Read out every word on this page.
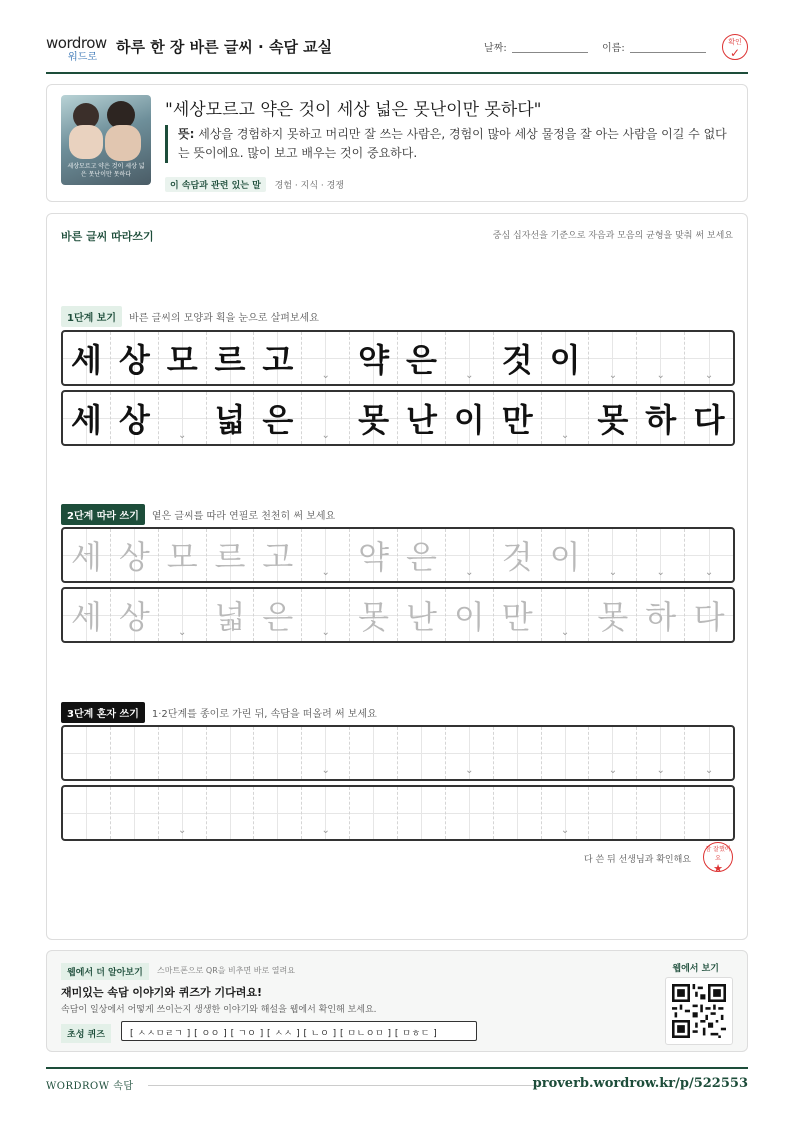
wordrow
워드로
하루 한 장 바른 글씨 · 속담 교실	날짜:	이름:
확인
✓
세상모르고 약은 것이 세상 넓은 못난이만 못하다
"세상모르고 약은 것이 세상 넓은 못난이만 못하다"
뜻: 세상을 경험하지 못하고 머리만 잘 쓰는 사람은, 경험이 많아 세상 물정을 잘 아는 사람을 이길 수 없다는 뜻이에요. 많이 보고 배우는 것이 중요하다.
이 속담과 관련 있는 말 경험 · 지식 · 경쟁
바른 글씨 따라쓰기	중심 십자선을 기준으로 자음과 모음의 균형을 맞춰 써 보세요
1단계 보기	바른 글씨의 모양과 획을 눈으로 살펴보세요
세 상 모 르 고	⌄ 약 은	⌄ 것 이	⌄	⌄	⌄
세 상	⌄ 넓 은	⌄ 못 난 이 만	⌄ 못 하 다
2단계 따라 쓰기	옅은 글씨를 따라 연필로 천천히 써 보세요
세 상 모 르 고	⌄ 약 은	⌄ 것 이	⌄	⌄	⌄
세 상	⌄ 넓 은	⌄ 못 난 이 만	⌄ 못 하 다
3단계 혼자 쓰기	1·2단계를 종이로 가린 뒤, 속담을 떠올려 써 보세요
⌄	⌄	⌄	⌄	⌄
⌄	⌄	⌄
다 쓴 뒤 선생님과 확인해요
참 잘했어요
★
웹에서 더 알아보기	스마트폰으로 QR을 비추면 바로 열려요
재미있는 속담 이야기와 퀴즈가 기다려요!
속담이 일상에서 어떻게 쓰이는지 생생한 이야기와 해설을 웹에서 확인해 보세요.
초성 퀴즈	[ ㅅㅅㅁㄹㄱ ] [ ㅇㅇ ] [ ㄱㅇ ] [ ㅅㅅ ] [ ㄴㅇ ] [ ㅁㄴㅇㅁ ] [ ㅁㅎㄷ ]
웹에서 보기
WORDROW 속담	proverb.wordrow.kr/p/522553
